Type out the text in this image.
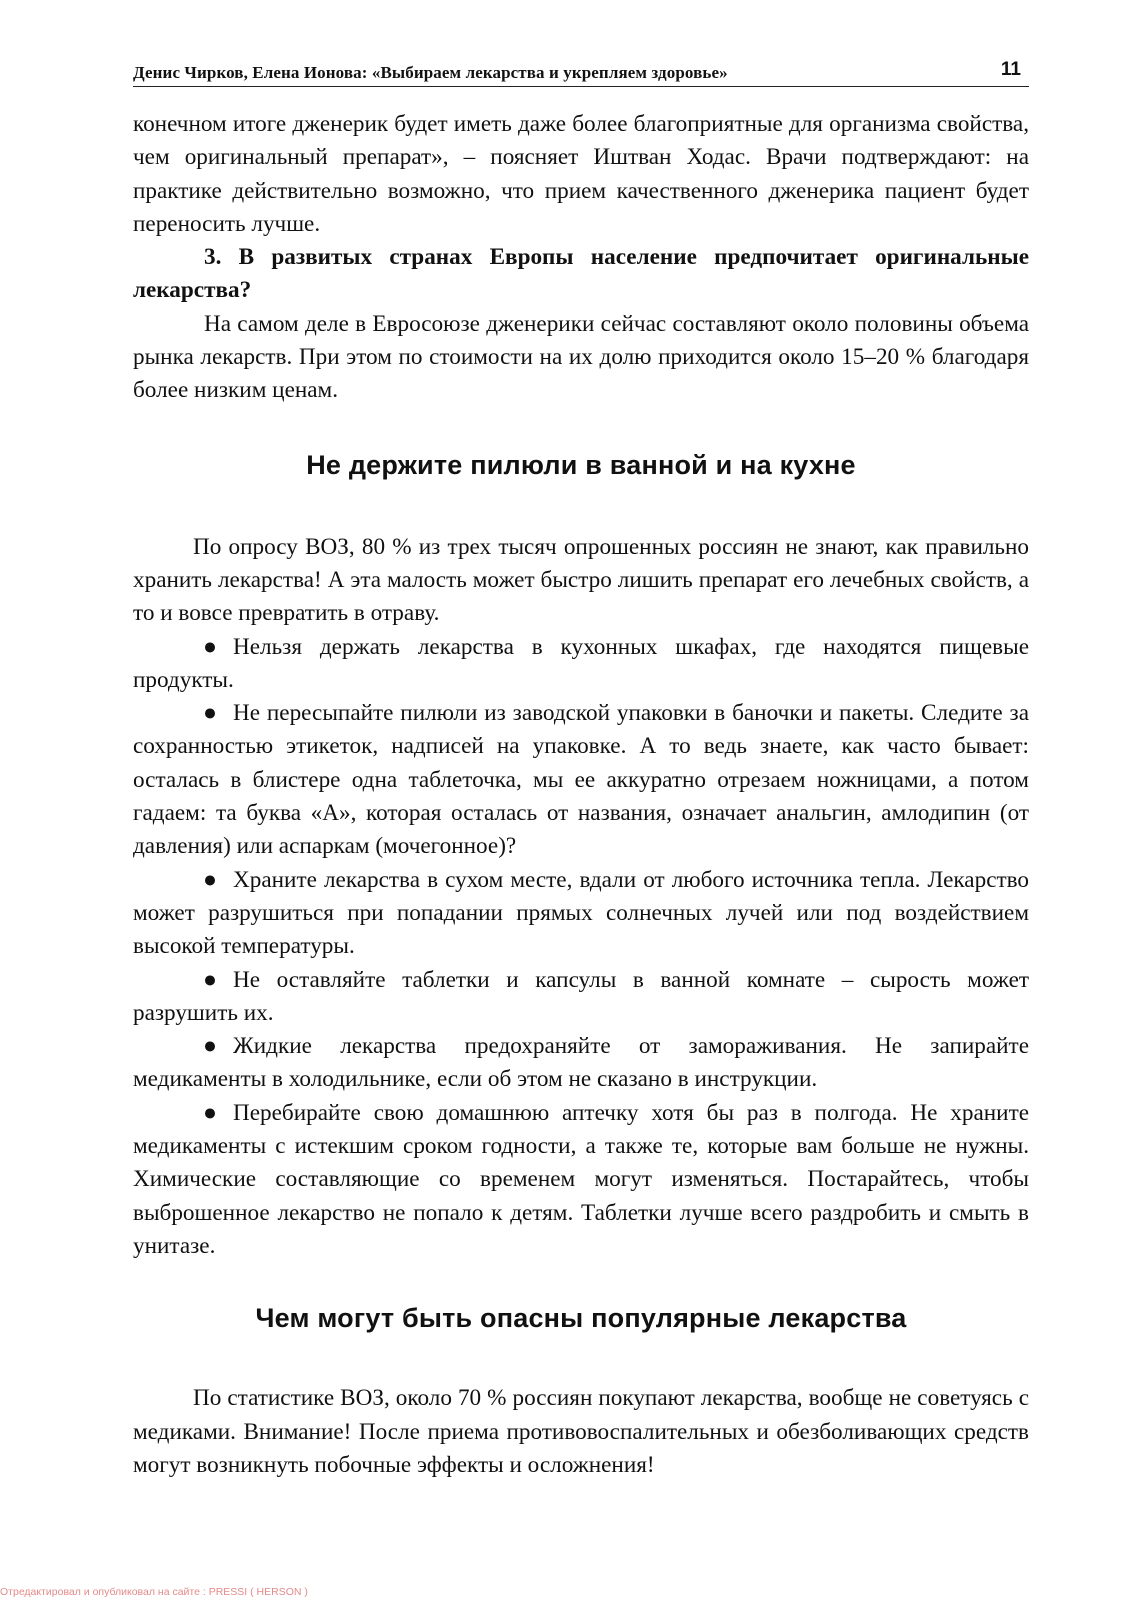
Денис Чирков, Елена Ионова: «Выбираем лекарства и укрепляем здоровье»	11

конечном итоге дженерик будет иметь даже более благоприятные для организма свойства, чем оригинальный препарат», – поясняет Иштван Ходас. Врачи подтверждают: на практике действительно возможно, что прием качественного дженерика пациент будет переносить лучше.

3. В развитых странах Европы население предпочитает оригинальные лекарства?

На самом деле в Евросоюзе дженерики сейчас составляют около половины объема рынка лекарств. При этом по стоимости на их долю приходится около 15–20 % благодаря более низким ценам.

Не держите пилюли в ванной и на кухне

По опросу ВОЗ, 80 % из трех тысяч опрошенных россиян не знают, как правильно хранить лекарства! А эта малость может быстро лишить препарат его лечебных свойств, а то и вовсе превратить в отраву.

● Нельзя держать лекарства в кухонных шкафах, где находятся пищевые продукты.

● Не пересыпайте пилюли из заводской упаковки в баночки и пакеты. Следите за сохранностью этикеток, надписей на упаковке. А то ведь знаете, как часто бывает: осталась в блистере одна таблеточка, мы ее аккуратно отрезаем ножницами, а потом гадаем: та буква «А», которая осталась от названия, означает анальгин, амлодипин (от давления) или аспаркам (мочегонное)?

● Храните лекарства в сухом месте, вдали от любого источника тепла. Лекарство может разрушиться при попадании прямых солнечных лучей или под воздействием высокой температуры.

● Не оставляйте таблетки и капсулы в ванной комнате – сырость может разрушить их.

● Жидкие лекарства предохраняйте от замораживания. Не запирайте медикаменты в холодильнике, если об этом не сказано в инструкции.

● Перебирайте свою домашнюю аптечку хотя бы раз в полгода. Не храните медикаменты с истекшим сроком годности, а также те, которые вам больше не нужны. Химические составляющие со временем могут изменяться. Постарайтесь, чтобы выброшенное лекарство не попало к детям. Таблетки лучше всего раздробить и смыть в унитазе.

Чем могут быть опасны популярные лекарства

По статистике ВОЗ, около 70 % россиян покупают лекарства, вообще не советуясь с медиками. Внимание! После приема противовоспалительных и обезболивающих средств могут возникнуть побочные эффекты и осложнения!

Отредактировал и опубликовал на сайте : PRESSI ( HERSON )
